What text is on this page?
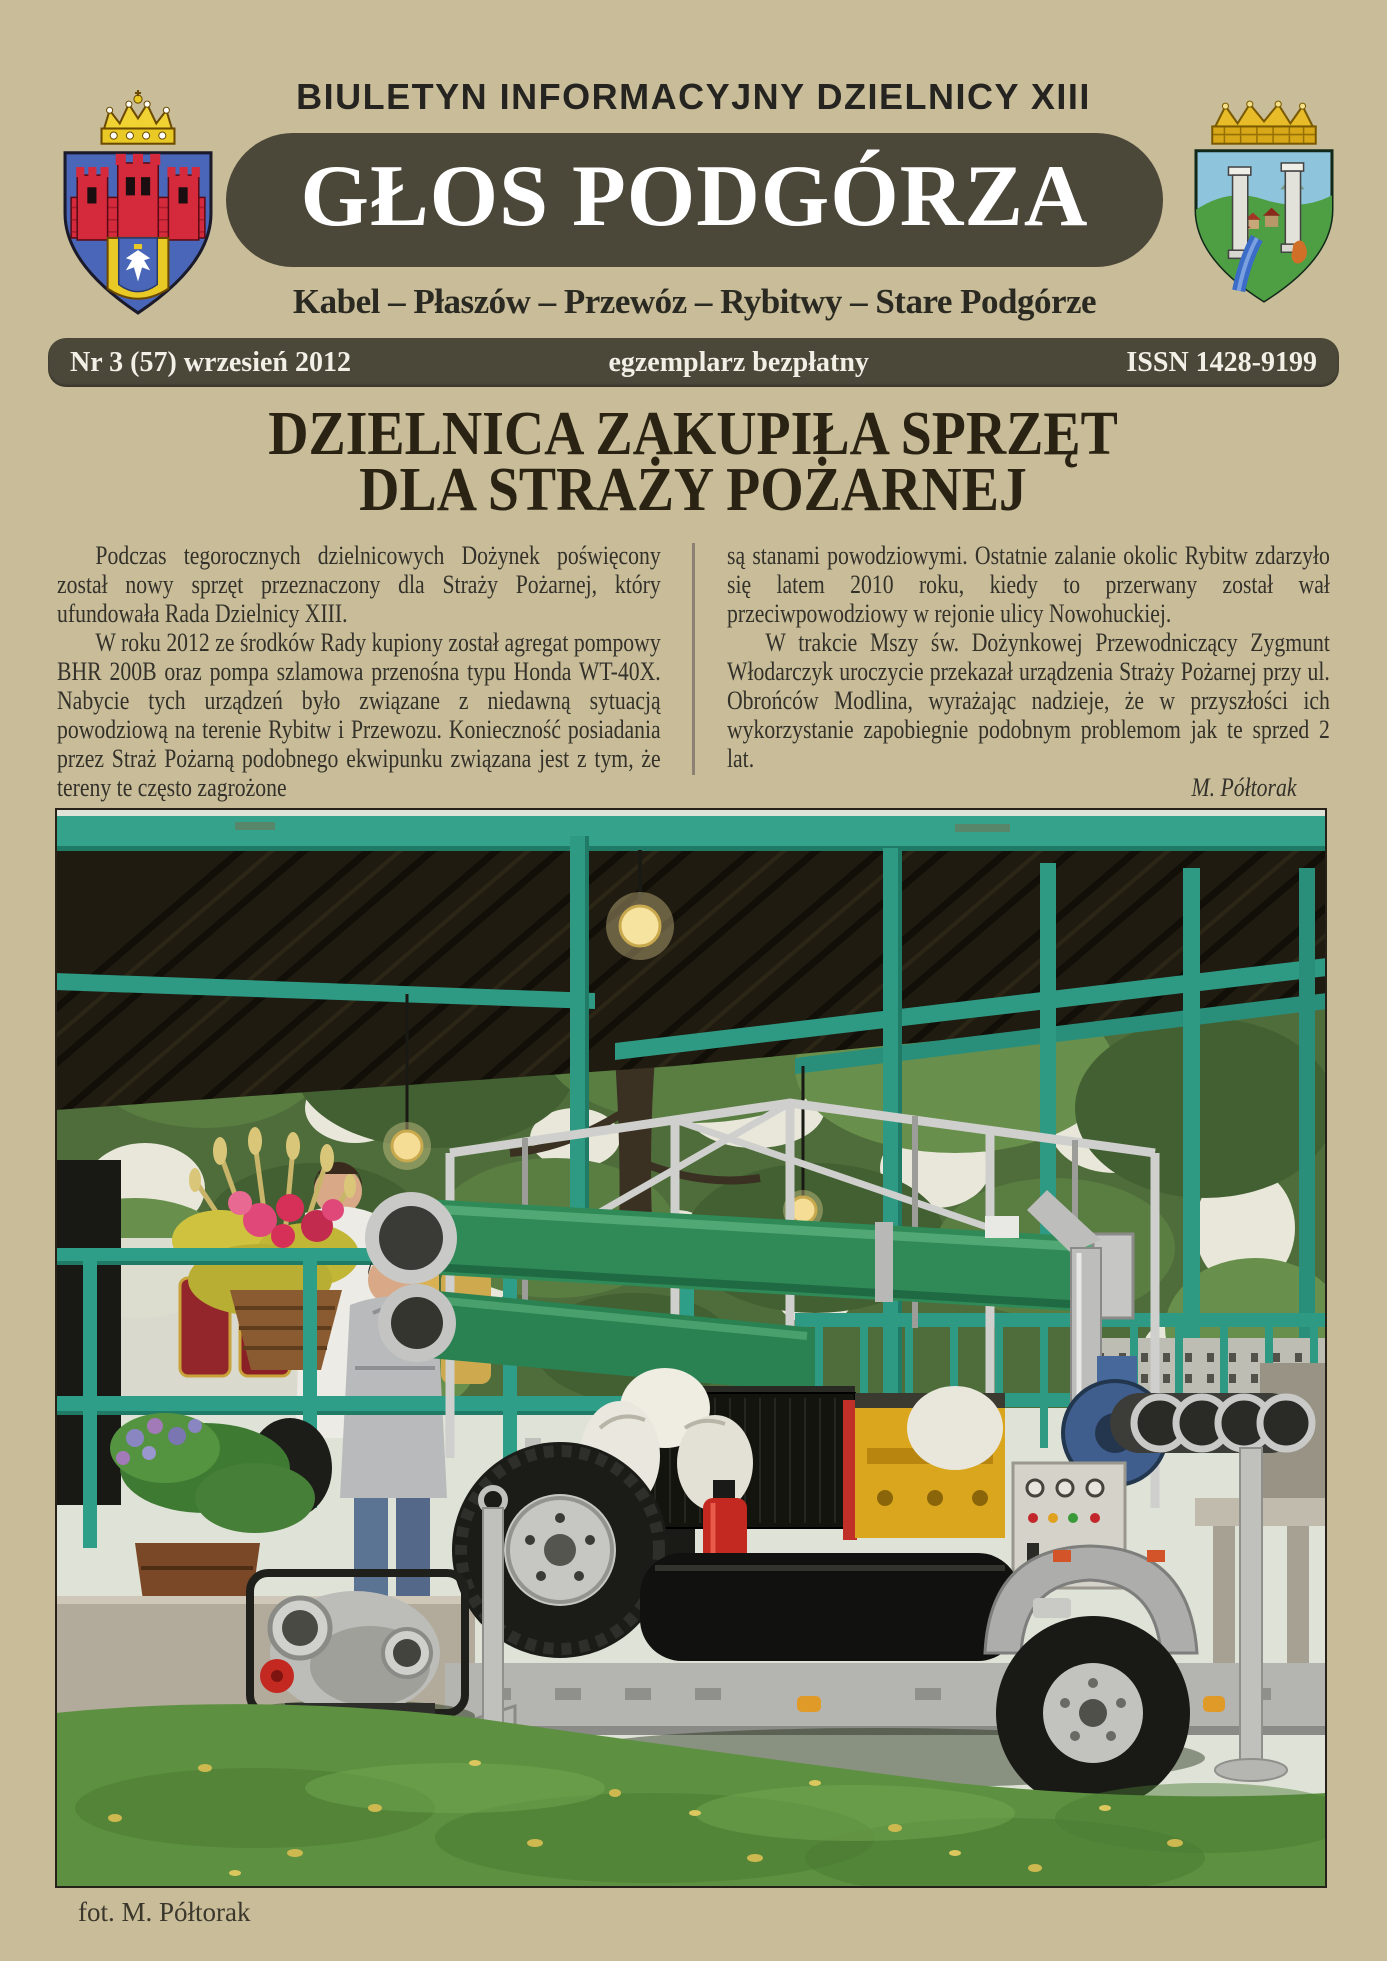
BIULETYN INFORMACYJNY DZIELNICY XIII
GŁOS PODGÓRZA
Kabel – Płaszów – Przewóz – Rybitwy – Stare Podgórze
Nr 3 (57) wrzesień 2012	egzemplarz bezpłatny	ISSN 1428-9199
DZIELNICA ZAKUPIŁA SPRZĘT
DLA STRAŻY POŻARNEJ

Podczas tegorocznych dzielnicowych Dożynek poświęcony został nowy sprzęt przeznaczony dla Straży Pożarnej, który ufundowała Rada Dzielnicy XIII.

W roku 2012 ze środków Rady kupiony został agregat pompowy BHR 200B oraz pompa szlamowa przenośna typu Honda WT-40X. Nabycie tych urządzeń było związane z niedawną sytuacją powodziową na terenie Rybitw i Przewozu. Konieczność posiadania przez Straż Pożarną podobnego ekwipunku związana jest z tym, że tereny te często zagrożone

są stanami powodziowymi. Ostatnie zalanie okolic Rybitw zdarzyło się latem 2010 roku, kiedy to przerwany został wał przeciwpowodziowy w rejonie ulicy Nowohuckiej.

W trakcie Mszy św. Dożynkowej Przewodniczący Zygmunt Włodarczyk uroczycie przekazał urządzenia Straży Pożarnej przy ul. Obrońców Modlina, wyrażając nadzieje, że w przyszłości ich wykorzystanie zapobiegnie podobnym problemom jak te sprzed 2 lat.

M. Półtorak

fot. M. Półtorak
